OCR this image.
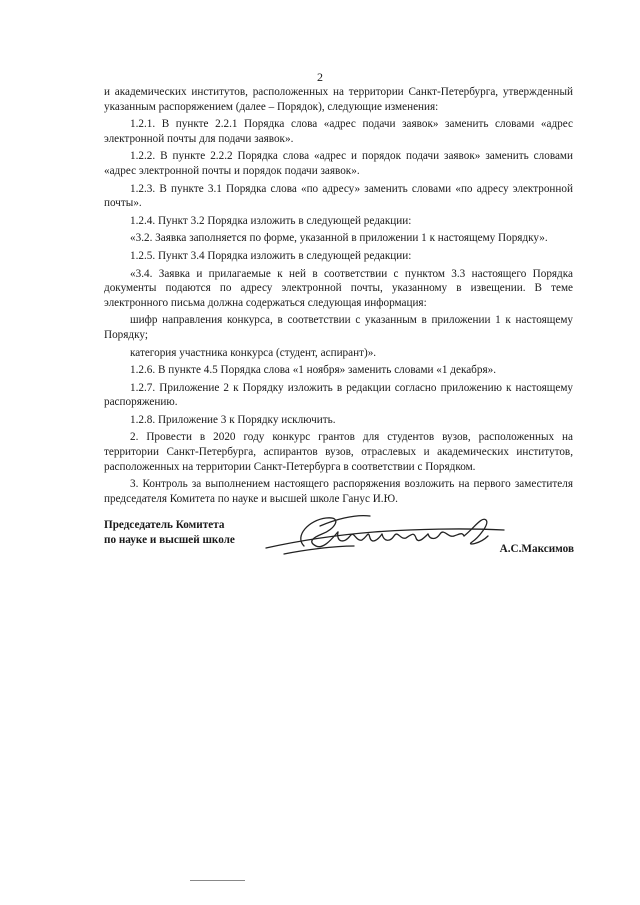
2

и академических институтов, расположенных на территории Санкт-Петербурга, утвержденный указанным распоряжением (далее – Порядок), следующие изменения:

1.2.1. В пункте 2.2.1 Порядка слова «адрес подачи заявок» заменить словами «адрес электронной почты для подачи заявок».

1.2.2. В пункте 2.2.2 Порядка слова «адрес и порядок подачи заявок» заменить словами «адрес электронной почты и порядок подачи заявок».

1.2.3. В пункте 3.1 Порядка слова «по адресу» заменить словами «по адресу электронной почты».

1.2.4. Пункт 3.2 Порядка изложить в следующей редакции:

«3.2. Заявка заполняется по форме, указанной в приложении 1 к настоящему Порядку».

1.2.5. Пункт 3.4 Порядка изложить в следующей редакции:

«3.4. Заявка и прилагаемые к ней в соответствии с пунктом 3.3 настоящего Порядка документы подаются по адресу электронной почты, указанному в извещении. В теме электронного письма должна содержаться следующая информация:

шифр направления конкурса, в соответствии с указанным в приложении 1 к настоящему Порядку;

категория участника конкурса (студент, аспирант)».

1.2.6. В пункте 4.5 Порядка слова «1 ноября» заменить словами «1 декабря».

1.2.7. Приложение 2 к Порядку изложить в редакции согласно приложению к настоящему распоряжению.

1.2.8. Приложение 3 к Порядку исключить.

2. Провести в 2020 году конкурс грантов для студентов вузов, расположенных на территории Санкт-Петербурга, аспирантов вузов, отраслевых и академических институтов, расположенных на территории Санкт-Петербурга в соответствии с Порядком.

3. Контроль за выполнением настоящего распоряжения возложить на первого заместителя председателя Комитета по науке и высшей школе Ганус И.Ю.

Председатель Комитета
по науке и высшей школе
А.С.Максимов
